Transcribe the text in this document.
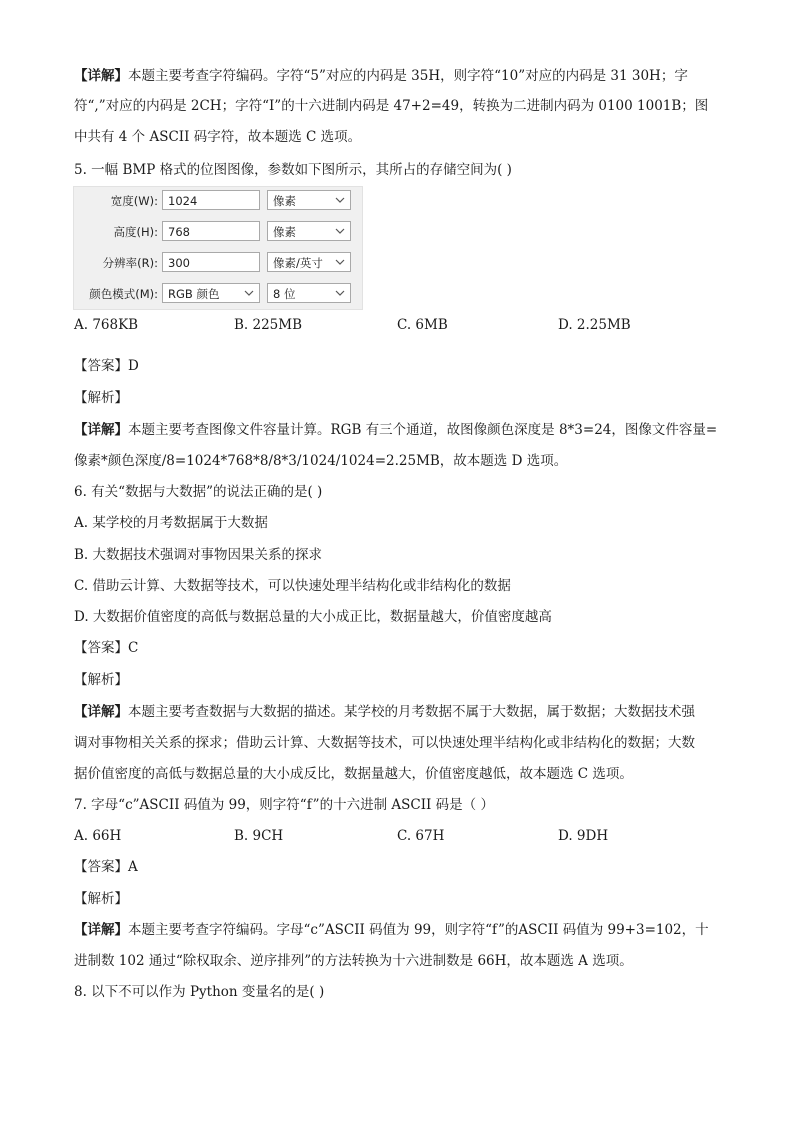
【详解】本题主要考查字符编码。字符“5”对应的内码是 35H，则字符“10”对应的内码是 31 30H；字
符“,”对应的内码是 2CH；字符“I”的十六进制内码是 47+2=49，转换为二进制内码为 0100 1001B；图
中共有 4 个 ASCII 码字符，故本题选 C 选项。
5. 一幅 BMP 格式的位图图像，参数如下图所示，其所占的存储空间为( )
宽度(W): 1024	像素
高度(H): 768	像素
分辨率(R): 300	像素/英寸
颜色模式(M): RGB 颜色	8 位
A. 768KB	B. 225MB	C. 6MB	D. 2.25MB
【答案】D
【解析】
【详解】本题主要考查图像文件容量计算。RGB 有三个通道，故图像颜色深度是 8*3=24，图像文件容量=
像素*颜色深度/8=1024*768*8/8*3/1024/1024=2.25MB，故本题选 D 选项。
6. 有关“数据与大数据”的说法正确的是( )
A. 某学校的月考数据属于大数据
B. 大数据技术强调对事物因果关系的探求
C. 借助云计算、大数据等技术，可以快速处理半结构化或非结构化的数据
D. 大数据价值密度的高低与数据总量的大小成正比，数据量越大，价值密度越高
【答案】C
【解析】
【详解】本题主要考查数据与大数据的描述。某学校的月考数据不属于大数据，属于数据；大数据技术强
调对事物相关关系的探求；借助云计算、大数据等技术，可以快速处理半结构化或非结构化的数据；大数
据价值密度的高低与数据总量的大小成反比，数据量越大，价值密度越低，故本题选 C 选项。
7. 字母“c”ASCII 码值为 99，则字符“f”的十六进制 ASCII 码是（ ）
A. 66H	B. 9CH	C. 67H	D. 9DH
【答案】A
【解析】
【详解】本题主要考查字符编码。字母“c”ASCII 码值为 99，则字符“f”的ASCII 码值为 99+3=102，十
进制数 102 通过“除权取余、逆序排列”的方法转换为十六进制数是 66H，故本题选 A 选项。
8. 以下不可以作为 Python 变量名的是( )
